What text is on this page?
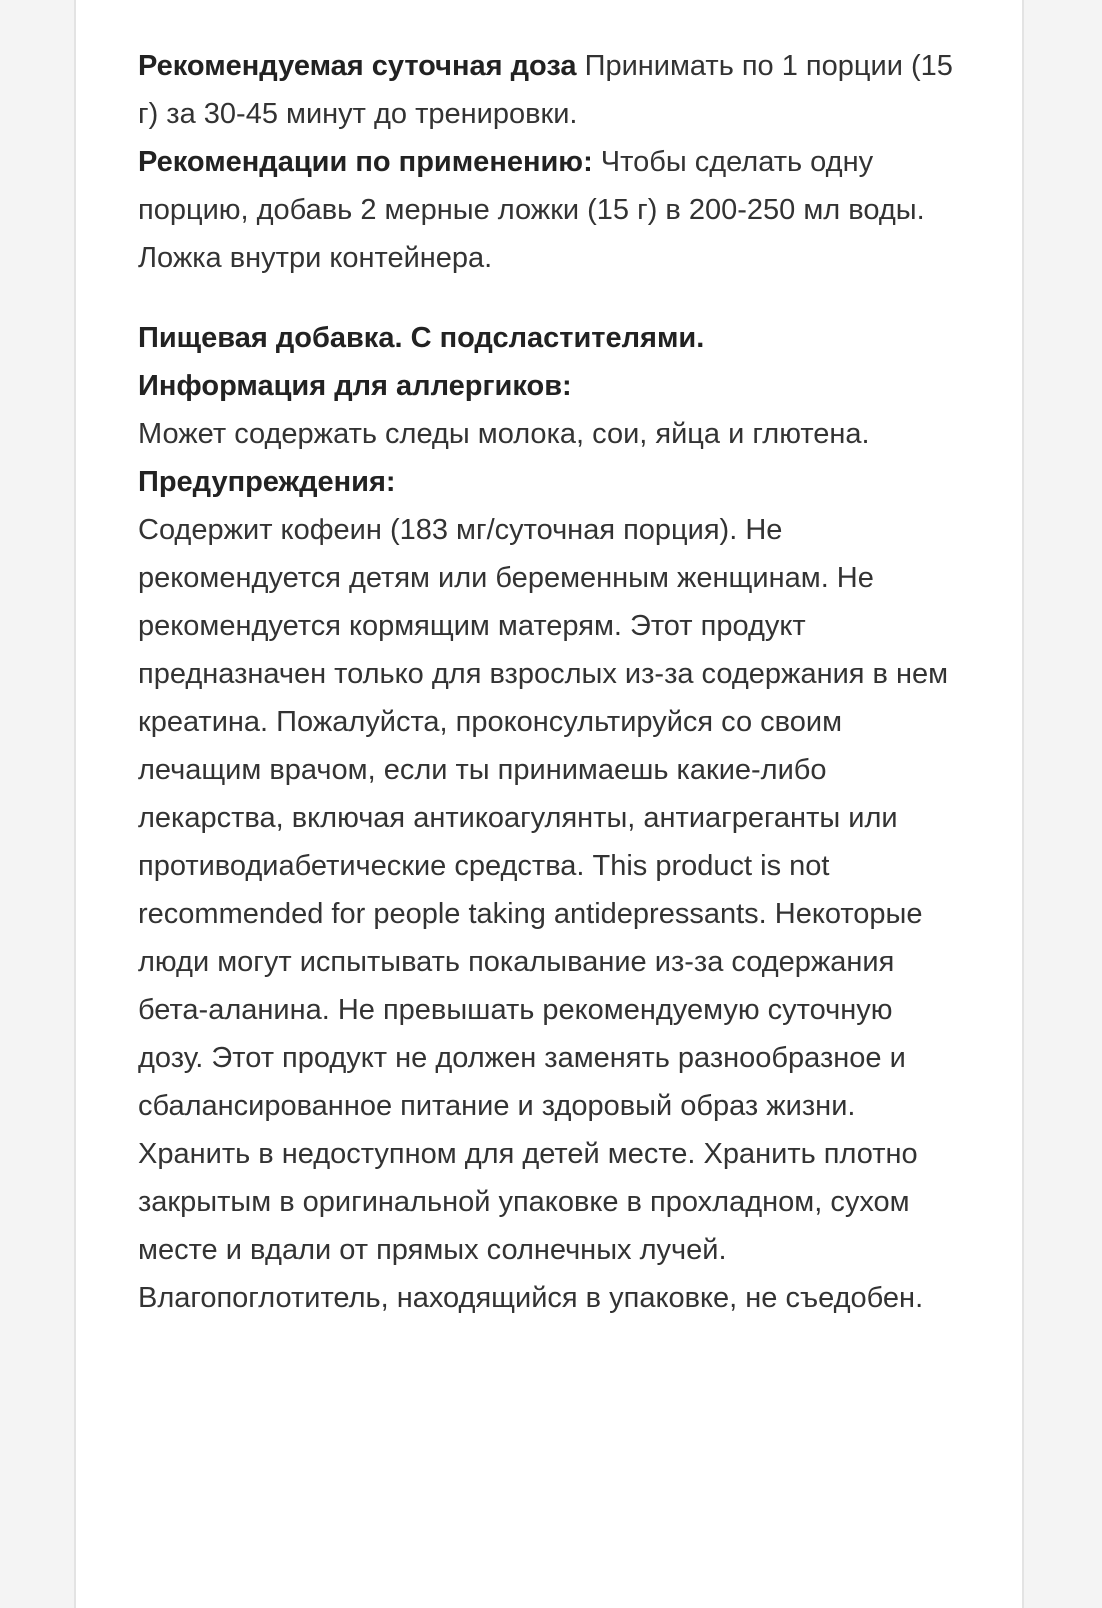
Рекомендуемая суточная доза Принимать по 1 порции (15 г) за 30-45 минут до тренировки.

Рекомендации по применению: Чтобы сделать одну порцию, добавь 2 мерные ложки (15 г) в 200-250 мл воды. Ложка внутри контейнера.

Пищевая добавка. С подсластителями.

Информация для аллергиков:

Может содержать следы молока, сои, яйца и глютена.

Предупреждения:

Содержит кофеин (183 мг/суточная порция). Не рекомендуется детям или беременным женщинам. Не рекомендуется кормящим матерям. Этот продукт предназначен только для взрослых из-за содержания в нем креатина. Пожалуйста, проконсультируйся со своим лечащим врачом, если ты принимаешь какие-либо лекарства, включая антикоагулянты, антиагреганты или противодиабетические средства. This product is not recommended for people taking antidepressants. Некоторые люди могут испытывать покалывание из-за содержания бета-аланина. Не превышать рекомендуемую суточную дозу. Этот продукт не должен заменять разнообразное и сбалансированное питание и здоровый образ жизни. Хранить в недоступном для детей месте. Хранить плотно закрытым в оригинальной упаковке в прохладном, сухом месте и вдали от прямых солнечных лучей. Влагопоглотитель, находящийся в упаковке, не съедобен.
